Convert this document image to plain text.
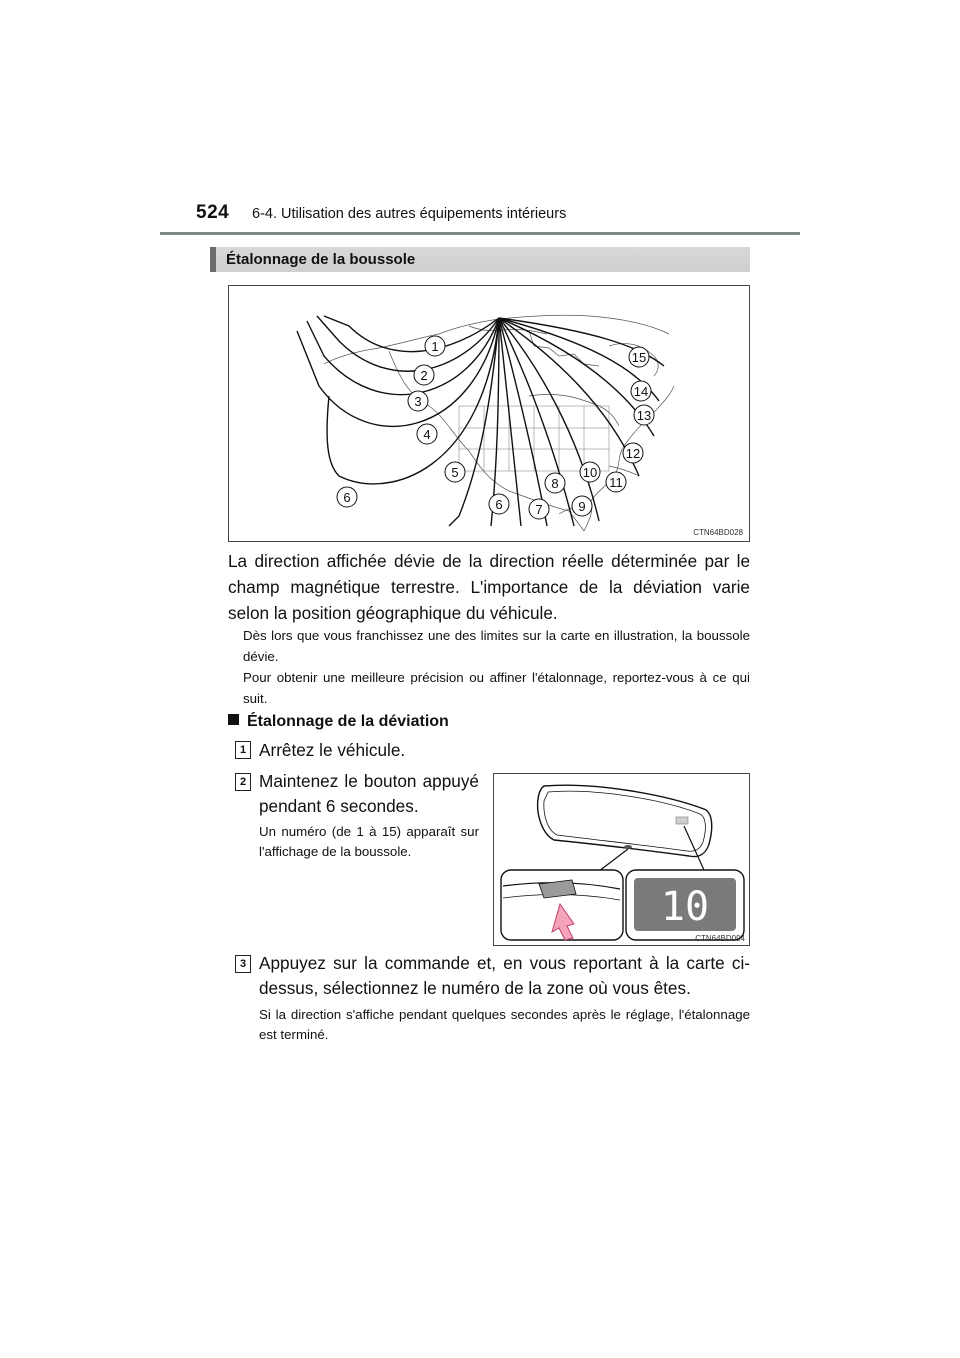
524 6-4. Utilisation des autres équipements intérieurs
Étalonnage de la boussole
1
2
3
4
5
6	6	7
8
9
10
11
12
13
14
15
CTN64BD028
La direction affichée dévie de la direction réelle déterminée par le champ magnétique terrestre. L'importance de la déviation varie selon la position géographique du véhicule.
Dès lors que vous franchissez une des limites sur la carte en illustration, la boussole dévie.
Pour obtenir une meilleure précision ou affiner l'étalonnage, reportez-vous à ce qui suit.
Étalonnage de la déviation
1 Arrêtez le véhicule.
2 Maintenez le bouton appuyé pendant 6 secondes.
Un numéro (de 1 à 15) apparaît sur l'affichage de la boussole.
10
CTN64BD094
3 Appuyez sur la commande et, en vous reportant à la carte ci-dessus, sélectionnez le numéro de la zone où vous êtes.
Si la direction s'affiche pendant quelques secondes après le réglage, l'étalonnage est terminé.
